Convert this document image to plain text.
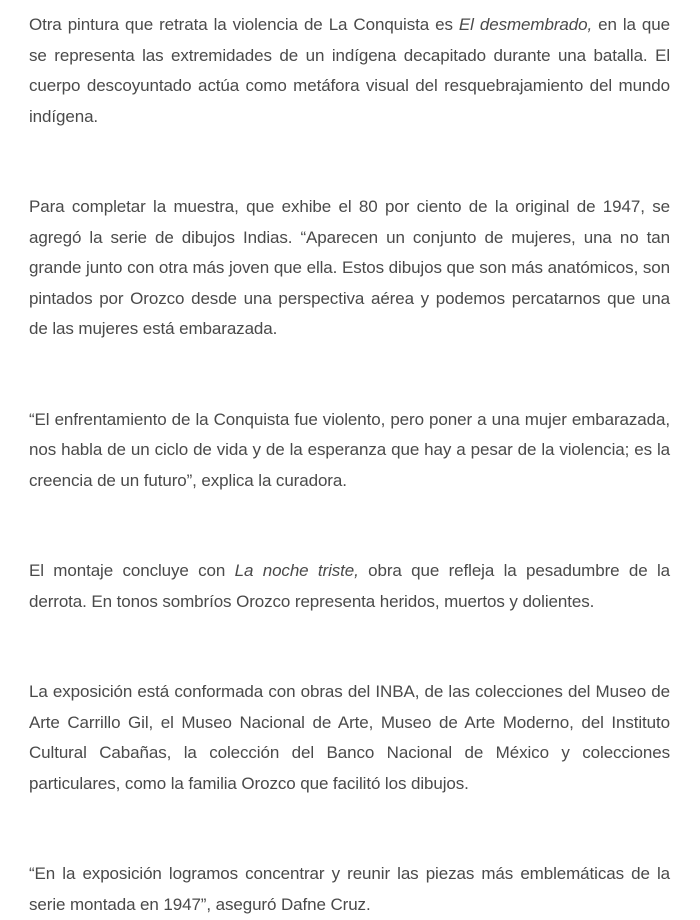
Otra pintura que retrata la violencia de La Conquista es El desmembrado, en la que se representa las extremidades de un indígena decapitado durante una batalla. El cuerpo descoyuntado actúa como metáfora visual del resquebrajamiento del mundo indígena.

Para completar la muestra, que exhibe el 80 por ciento de la original de 1947, se agregó la serie de dibujos Indias. “Aparecen un conjunto de mujeres, una no tan grande junto con otra más joven que ella. Estos dibujos que son más anatómicos, son pintados por Orozco desde una perspectiva aérea y podemos percatarnos que una de las mujeres está embarazada.

“El enfrentamiento de la Conquista fue violento, pero poner a una mujer embarazada, nos habla de un ciclo de vida y de la esperanza que hay a pesar de la violencia; es la creencia de un futuro”, explica la curadora.

El montaje concluye con La noche triste, obra que refleja la pesadumbre de la derrota. En tonos sombríos Orozco representa heridos, muertos y dolientes.

La exposición está conformada con obras del INBA, de las colecciones del Museo de Arte Carrillo Gil, el Museo Nacional de Arte, Museo de Arte Moderno, del Instituto Cultural Cabañas, la colección del Banco Nacional de México y colecciones particulares, como la familia Orozco que facilitó los dibujos.

“En la exposición logramos concentrar y reunir las piezas más emblemáticas de la serie montada en 1947”, aseguró Dafne Cruz.
